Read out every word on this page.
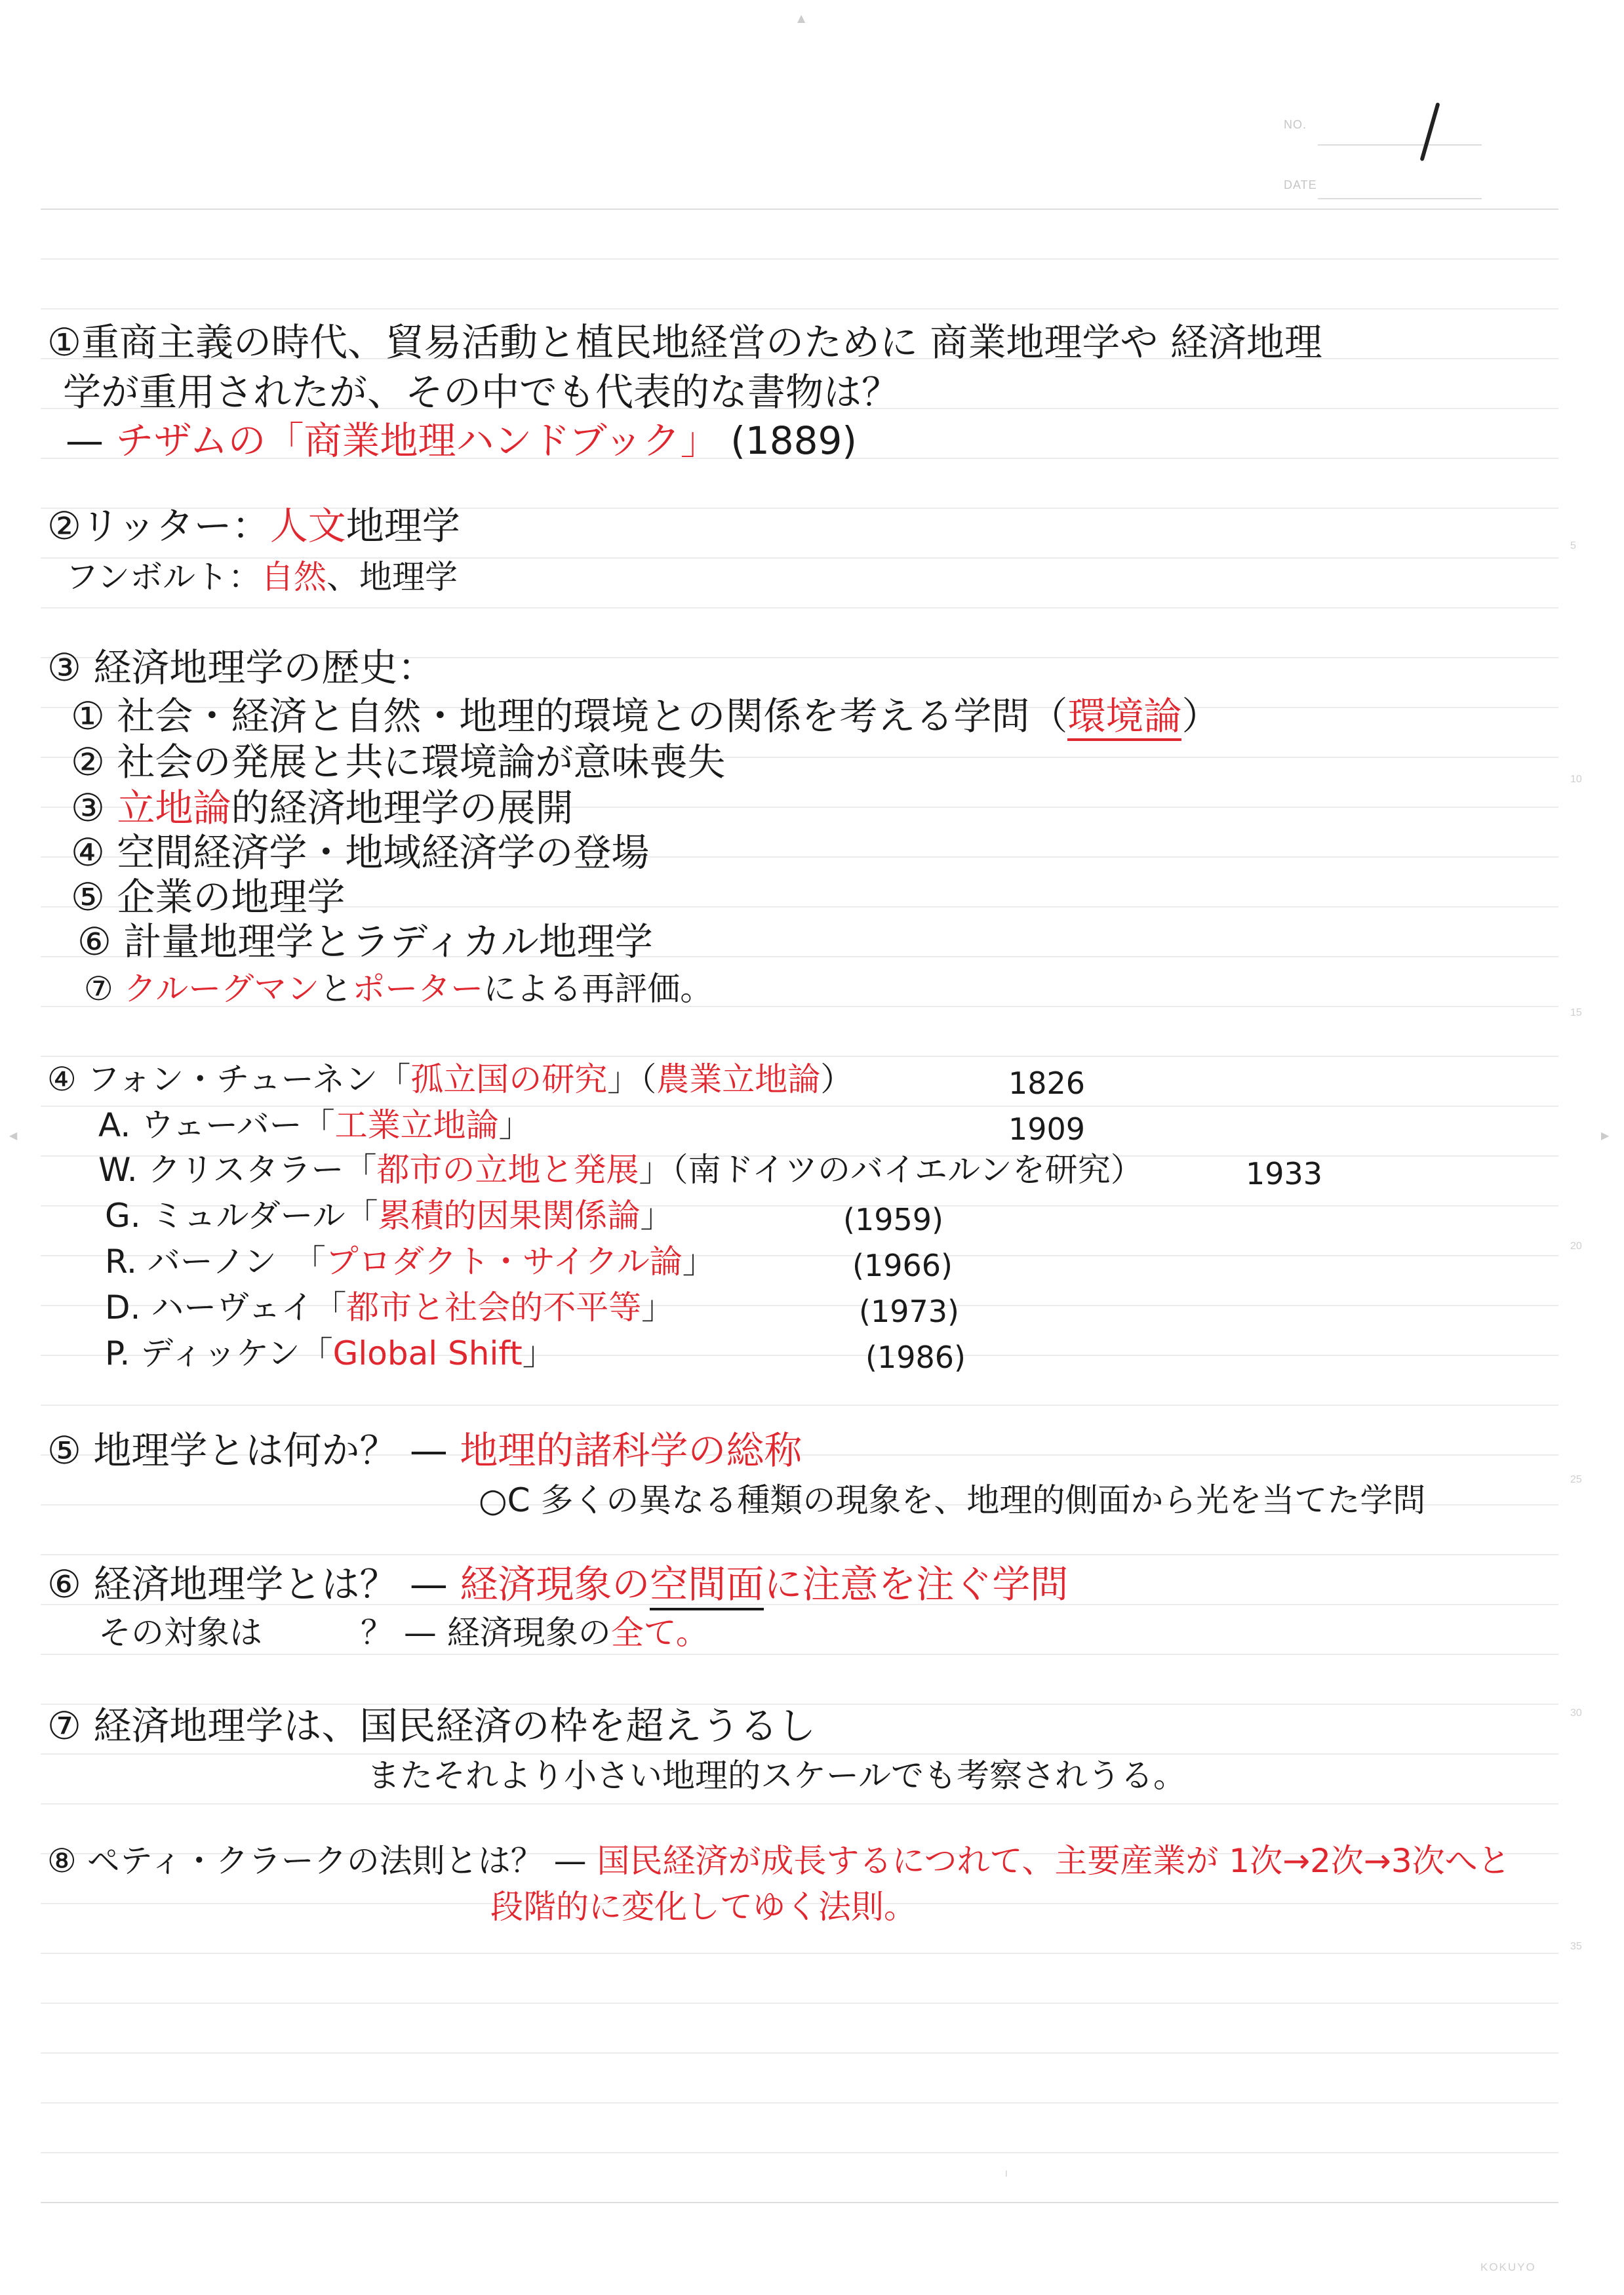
▲
◀	▶
NO.
DATE
5
10
15
20
25
30
35
①重商主義の時代、貿易活動と植民地経営のために 商業地理学や 経済地理
学が重用されたが、その中でも代表的な書物は？
— チザムの「商業地理ハンドブック」 (1889)
②リッター：人文地理学
フンボルト：自然、地理学
③ 経済地理学の歴史：
① 社会・経済と自然・地理的環境との関係を考える学問（環境論）
② 社会の発展と共に環境論が意味喪失
③ 立地論的経済地理学の展開
④ 空間経済学・地域経済学の登場
⑤ 企業の地理学
⑥ 計量地理学とラディカル地理学
⑦ クルーグマンとポーターによる再評価。
④ フォン・チューネン「孤立国の研究」（農業立地論）	1826
A. ウェーバー「工業立地論」	1909
W. クリスタラー「都市の立地と発展」（南ドイツのバイエルンを研究）	1933
G. ミュルダール「累積的因果関係論」	(1959)
R. バーノン　「プロダクト・サイクル論」	(1966)
D. ハーヴェイ「都市と社会的不平等」	(1973)
P. ディッケン「Global Shift」	(1986)
⑤ 地理学とは何か？ — 地理的諸科学の総称
○C 多くの異なる種類の現象を、地理的側面から光を当てた学問
⑥ 経済地理学とは？ — 経済現象の空間面に注意を注ぐ学問
その対象は　　　？ — 経済現象の全て。
⑦ 経済地理学は、国民経済の枠を超えうるし
またそれより小さい地理的スケールでも考察されうる。
⑧ ペティ・クラークの法則とは？ — 国民経済が成長するにつれて、主要産業が 1次→2次→3次へと
段階的に変化してゆく法則。
╵
KOKUYO
